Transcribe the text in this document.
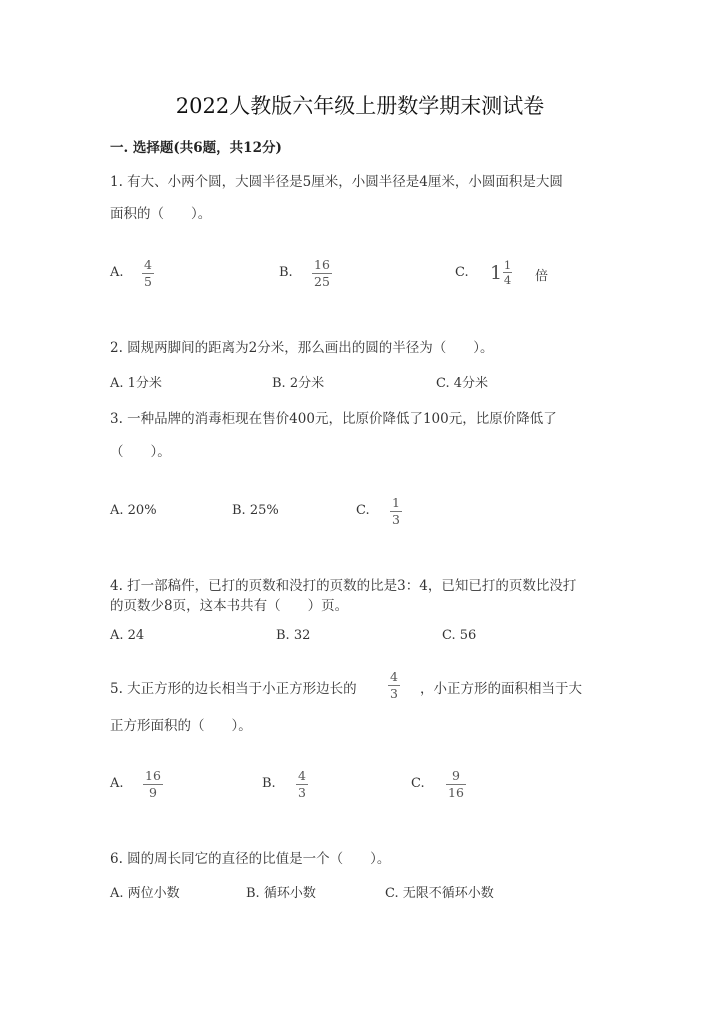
2022人教版六年级上册数学期末测试卷
一. 选择题(共6题，共12分)
1. 有大、小两个圆，大圆半径是5厘米，小圆半径是4厘米，小圆面积是大圆
面积的（　　）。
A.
4
5
B.
16
25
C. 1 1
4 倍
2. 圆规两脚间的距离为2分米，那么画出的圆的半径为（　　）。
A. 1分米	B. 2分米	C. 4分米
3. 一种品牌的消毒柜现在售价400元，比原价降低了100元，比原价降低了
（　　）。
A. 20%	B. 25%	C.
1
3
4. 打一部稿件，已打的页数和没打的页数的比是3：4，已知已打的页数比没打
的页数少8页，这本书共有（　　）页。
A. 24	B. 32	C. 56
5. 大正方形的边长相当于小正方形边长的
4
3 ，小正方形的面积相当于大
正方形面积的（　　）。
A.
16
9
B.
4
3
C.
9
16
6. 圆的周长同它的直径的比值是一个（　　）。
A. 两位小数	B. 循环小数	C. 无限不循环小数
